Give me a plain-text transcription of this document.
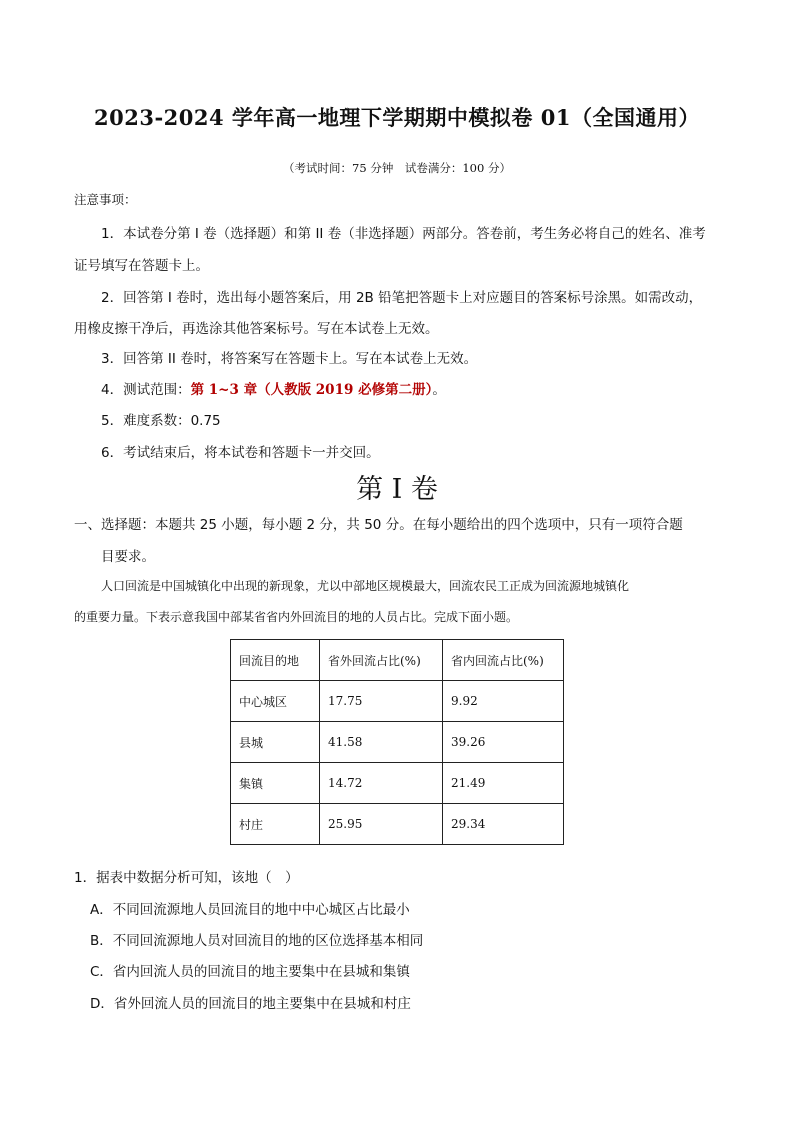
2023-2024 学年高一地理下学期期中模拟卷 01（全国通用）
（考试时间：75 分钟　试卷满分：100 分）
注意事项：
1．本试卷分第 I 卷（选择题）和第 II 卷（非选择题）两部分。答卷前，考生务必将自己的姓名、准考
证号填写在答题卡上。
2．回答第 I 卷时，选出每小题答案后，用 2B 铅笔把答题卡上对应题目的答案标号涂黑。如需改动，
用橡皮擦干净后，再选涂其他答案标号。写在本试卷上无效。
3．回答第 II 卷时，将答案写在答题卡上。写在本试卷上无效。
4．测试范围：第 1~3 章（人教版 2019 必修第二册）。
5．难度系数：0.75
6．考试结束后，将本试卷和答题卡一并交回。
第 I 卷
一、选择题：本题共 25 小题，每小题 2 分，共 50 分。在每小题给出的四个选项中，只有一项符合题
目要求。
人口回流是中国城镇化中出现的新现象，尤以中部地区规模最大，回流农民工正成为回流源地城镇化
的重要力量。下表示意我国中部某省省内外回流目的地的人员占比。完成下面小题。
回流目的地	省外回流占比(%)	省内回流占比(%)
中心城区	17.75	9.92
县城	41.58	39.26
集镇	14.72	21.49
村庄	25.95	29.34
1．据表中数据分析可知，该地（　）
A．不同回流源地人员回流目的地中中心城区占比最小
B．不同回流源地人员对回流目的地的区位选择基本相同
C．省内回流人员的回流目的地主要集中在县城和集镇
D．省外回流人员的回流目的地主要集中在县城和村庄
